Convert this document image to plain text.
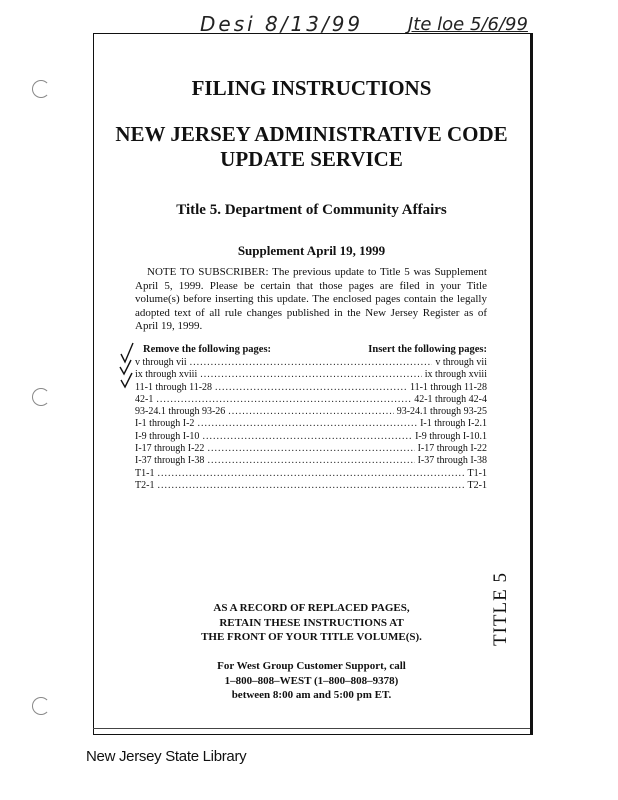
Desi 8/13/99 Jte loe 5/6/99
FILING INSTRUCTIONS
NEW JERSEY ADMINISTRATIVE CODE
UPDATE SERVICE
Title 5. Department of Community Affairs
Supplement April 19, 1999
NOTE TO SUBSCRIBER: The previous update to Title 5 was Supplement April 5, 1999. Please be certain that those pages are filed in your Title volume(s) before inserting this update. The enclosed pages contain the legally adopted text of all rule changes published in the New Jersey Register as of April 19, 1999.
Remove the following pages:	Insert the following pages:
v through vii .....	v through vii
ix through xviii .....	ix through xviii
11-1 through 11-28 .....	11-1 through 11-28
42-1 .....	42-1 through 42-4
93-24.1 through 93-26 .....	93-24.1 through 93-25
I-1 through I-2 .....	I-1 through I-2.1
I-9 through I-10 .....	I-9 through I-10.1
I-17 through I-22 .....	I-17 through I-22
I-37 through I-38 .....	I-37 through I-38
T1-1 .....	T1-1
T2-1 .....	T2-1
AS A RECORD OF REPLACED PAGES,
RETAIN THESE INSTRUCTIONS AT
THE FRONT OF YOUR TITLE VOLUME(S).
For West Group Customer Support, call
1–800–808–WEST (1–800–808–9378)
between 8:00 am and 5:00 pm ET.
TITLE 5
New Jersey State Library
